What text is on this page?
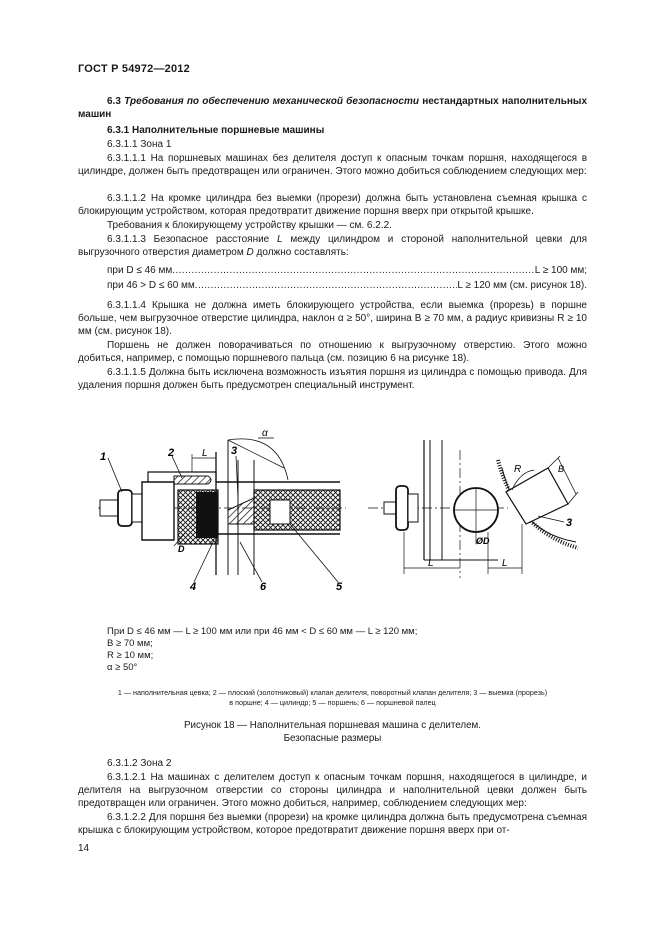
ГОСТ Р 54972—2012
6.3 Требования по обеспечению механической безопасности нестандартных наполнительных машин
6.3.1 Наполнительные поршневые машины
6.3.1.1 Зона 1
6.3.1.1.1 На поршневых машинах без делителя доступ к опасным точкам поршня, находящегося в цилиндре, должен быть предотвращен или ограничен. Этого можно добиться соблюдением следующих мер:
6.3.1.1.2 На кромке цилиндра без выемки (прорези) должна быть установлена съемная крышка с блокирующим устройством, которая предотвратит движение поршня вверх при открытой крышке.
Требования к блокирующему устройству крышки — см. 6.2.2.
6.3.1.1.3 Безопасное расстояние L между цилиндром и стороной наполнительной цевки для выгрузочного отверстия диаметром D должно составлять:
при D ≤ 46 мм .....	L ≥ 100 мм;
при 46 > D ≤ 60 мм .....	L ≥ 120 мм (см. рисунок 18).
6.3.1.1.4 Крышка не должна иметь блокирующего устройства, если выемка (прорезь) в поршне больше, чем выгрузочное отверстие цилиндра, наклон α ≥ 50°, ширина B ≥ 70 мм, а радиус кривизны R ≥ 10 мм (см. рисунок 18).
Поршень не должен поворачиваться по отношению к выгрузочному отверстию. Этого можно добиться, например, с помощью поршневого пальца (см. позицию 6 на рисунке 18).
6.3.1.1.5 Должна быть исключена возможность изъятия поршня из цилиндра с помощью привода. Для удаления поршня должен быть предусмотрен специальный инструмент.
1	2	L 3
α
D
4	6	5
L	L
ØD
R	B
3
При D ≤ 46 мм — L ≥ 100 мм или при 46 мм < D ≤ 60 мм — L ≥ 120 мм;
B ≥ 70 мм;
R ≥ 10 мм;
α ≥ 50°
1 — наполнительная цевка; 2 — плоский (золотниковый) клапан делителя, поворотный клапан делителя; 3 — выемка (прорезь)
в поршне; 4 — цилиндр; 5 — поршень; 6 — поршневой палец
Рисунок 18 — Наполнительная поршневая машина с делителем.
Безопасные размеры
6.3.1.2 Зона 2
6.3.1.2.1 На машинах с делителем доступ к опасным точкам поршня, находящегося в цилиндре, и делителя на выгрузочном отверстии со стороны цилиндра и наполнительной цевки должен быть предотвращен или ограничен. Этого можно добиться, например, соблюдением следующих мер:
6.3.1.2.2 Для поршня без выемки (прорези) на кромке цилиндра должна быть предусмотрена съемная крышка с блокирующим устройством, которое предотвратит движение поршня вверх при от-
14
